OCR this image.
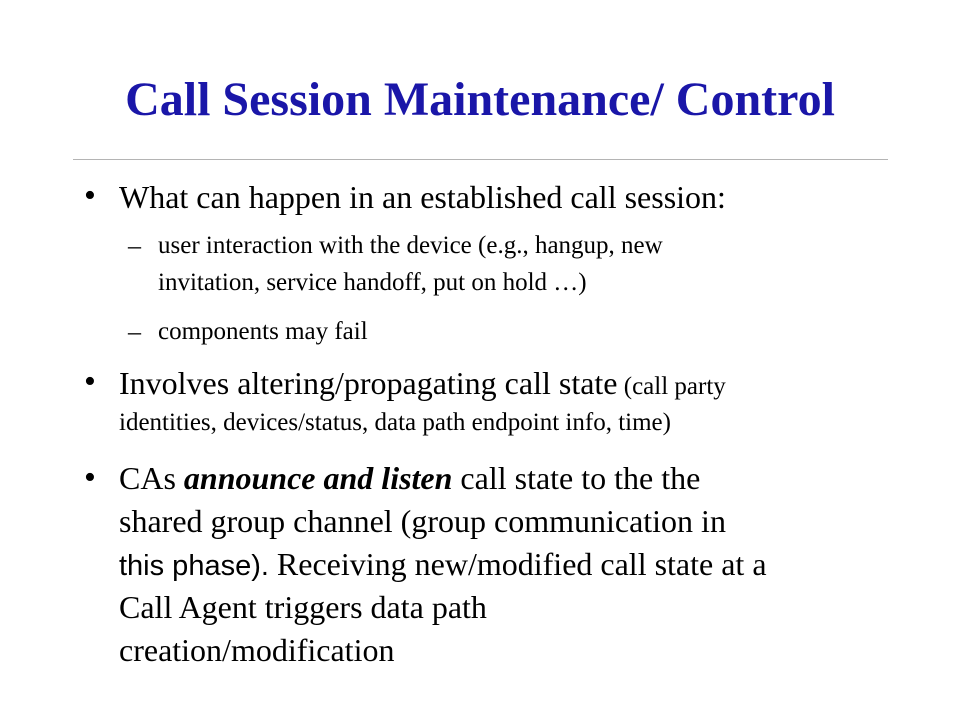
Call Session Maintenance/ Control
• What can happen in an established call session:
– user interaction with the device (e.g., hangup, new
invitation, service handoff, put on hold …)
– components may fail
• Involves altering/propagating call state (call party
identities, devices/status, data path endpoint info, time)
• CAs announce and listen call state to the the
shared group channel (group communication in
this phase). Receiving new/modified call state at a
Call Agent triggers data path
creation/modification
